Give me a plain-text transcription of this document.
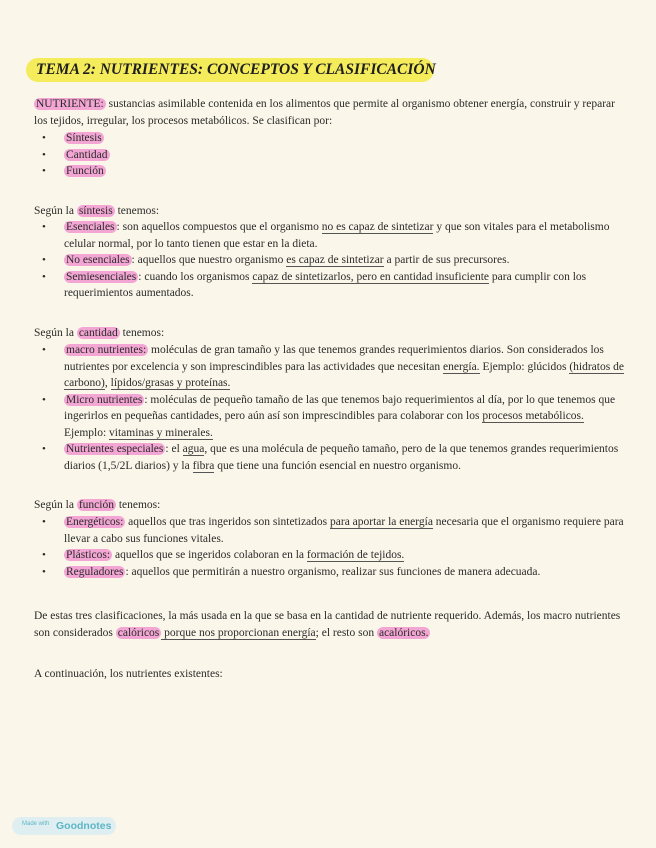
TEMA 2: NUTRIENTES: CONCEPTOS Y CLASIFICACIÓN
NUTRIENTE: sustancias asimilable contenida en los alimentos que permite al organismo obtener energía, construir y reparar los tejidos, irregular, los procesos metabólicos. Se clasifican por:
• Síntesis
• Cantidad
• Función
Según la síntesis tenemos:
• Esenciales : son aquellos compuestos que el organismo no es capaz de sintetizar y que son vitales para el metabolismo celular normal, por lo tanto tienen que estar en la dieta.
• No esenciales : aquellos que nuestro organismo es capaz de sintetizar a partir de sus precursores.
• Semiesenciales : cuando los organismos capaz de sintetizarlos, pero en cantidad insuficiente para cumplir con los requerimientos aumentados.
Según la cantidad tenemos:
• macro nutrientes: moléculas de gran tamaño y las que tenemos grandes requerimientos diarios. Son considerados los nutrientes por excelencia y son imprescindibles para las actividades que necesitan energía. Ejemplo: glúcidos (hidratos de carbono), lípidos/grasas y proteínas.
• Micro nutrientes : moléculas de pequeño tamaño de las que tenemos bajo requerimientos al día, por lo que tenemos que ingerirlos en pequeñas cantidades, pero aún así son imprescindibles para colaborar con los procesos metabólicos. Ejemplo: vitaminas y minerales.
• Nutrientes especiales : el agua, que es una molécula de pequeño tamaño, pero de la que tenemos grandes requerimientos diarios (1,5/2L diarios) y la fibra que tiene una función esencial en nuestro organismo.
Según la función tenemos:
• Energéticos: aquellos que tras ingeridos son sintetizados para aportar la energía necesaria que el organismo requiere para llevar a cabo sus funciones vitales.
• Plásticos: aquellos que se ingeridos colaboran en la formación de tejidos.
• Reguladores : aquellos que permitirán a nuestro organismo, realizar sus funciones de manera adecuada.
De estas tres clasificaciones, la más usada en la que se basa en la cantidad de nutriente requerido. Además, los macro nutrientes son considerados calóricos porque nos proporcionan energía; el resto son acalóricos.
A continuación, los nutrientes existentes:
Made with Goodnotes
